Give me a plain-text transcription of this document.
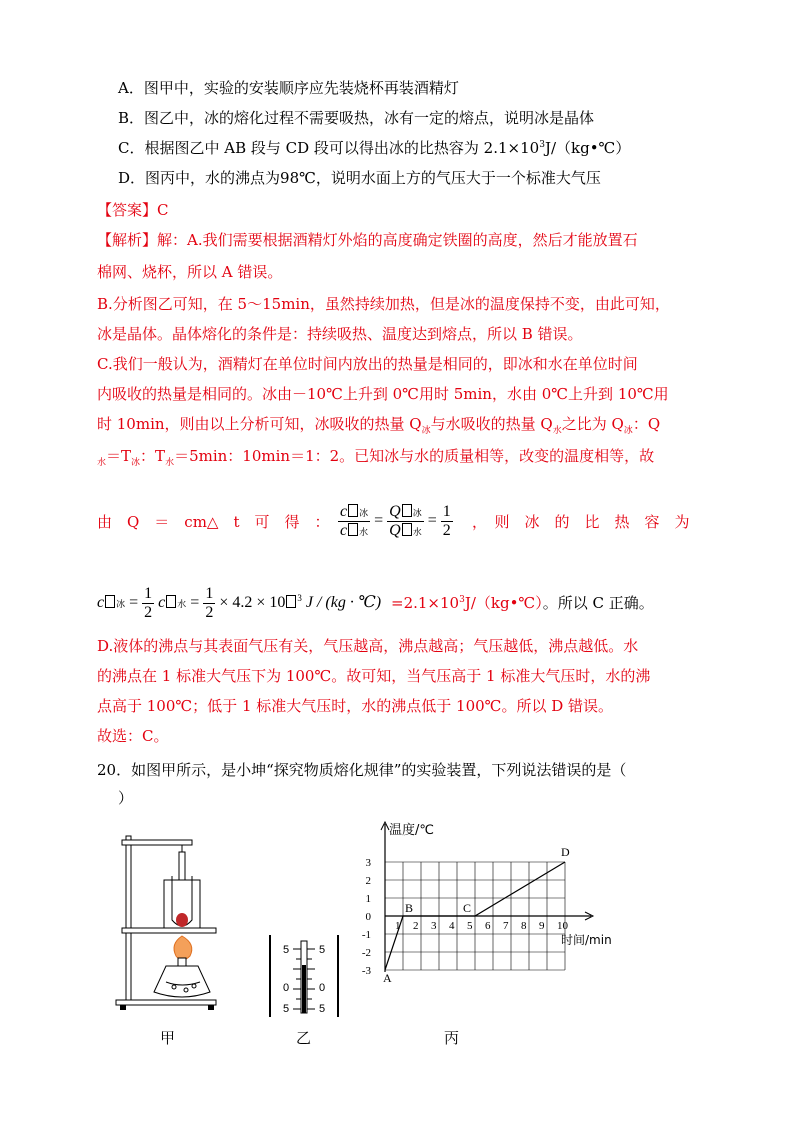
A．图甲中，实验的安装顺序应先装烧杯再装酒精灯
B．图乙中，冰的熔化过程不需要吸热，冰有一定的熔点，说明冰是晶体
C．根据图乙中 AB 段与 CD 段可以得出冰的比热容为 $2.1\times 10^3J/(kg•℃)$
D．图丙中，水的沸点为98℃，说明水面上方的气压大于一个标准大气压
【答案】C
【解析】解：A.我们需要根据酒精灯外焰的高度确定铁圈的高度，然后才能放置石
棉网、烧杯，所以 A 错误。
B.分析图乙可知，在 5～15min，虽然持续加热，但是冰的温度保持不变，由此可知，
冰是晶体。晶体熔化的条件是：持续吸热、温度达到熔点，所以 B 错误。
C.我们一般认为，酒精灯在单位时间内放出的热量是相同的，即冰和水在单位时间
内吸收的热量是相同的。冰由－10℃上升到 0℃用时 5min，水由 0℃上升到 10℃用
时 10min，则由以上分析可知，冰吸收的热量 $Q_冰$与水吸收的热量 $Q_水$之比为 $Q_冰$：Q
$_水=T_冰$：$T_水=5\min$：10min＝1：2。已知冰与水的质量相等，改变的温度相等，故
由　Q　＝　cm△　t　可　得　： $\frac{\text{c 冰}}{\text{c 水}} = \frac{\text{Q 冰}}{\text{Q 水}} = \frac{1}{2}$ ，　则　冰　的　比　热　容　为
c 冰 = $\frac{1}{2}$ c 水 = $\frac{1}{2} \times 4.2 \times 10$ $^3$ J / (kg · ℃) $=2.1\times 10^3J/(kg•℃)$。所以 C 正确。
D.液体的沸点与其表面气压有关，气压越高，沸点越高；气压越低，沸点越低。水
的沸点在 1 标准大气压下为 100℃。故可知，当气压高于 1 标准大气压时，水的沸
点高于 100℃；低于 1 标准大气压时，水的沸点低于 100℃。所以 D 错误。
故选：C。
20．如图甲所示，是小坤“探究物质熔化规律”的实验装置，下列说法错误的是（
）
甲
5
0
5
5
0
5
乙
1 2 3 4 5 6 7 8 9 10
3
2
1
0
-1
-2
-3 A
B	C
D
温度/℃
时间/min
丙
